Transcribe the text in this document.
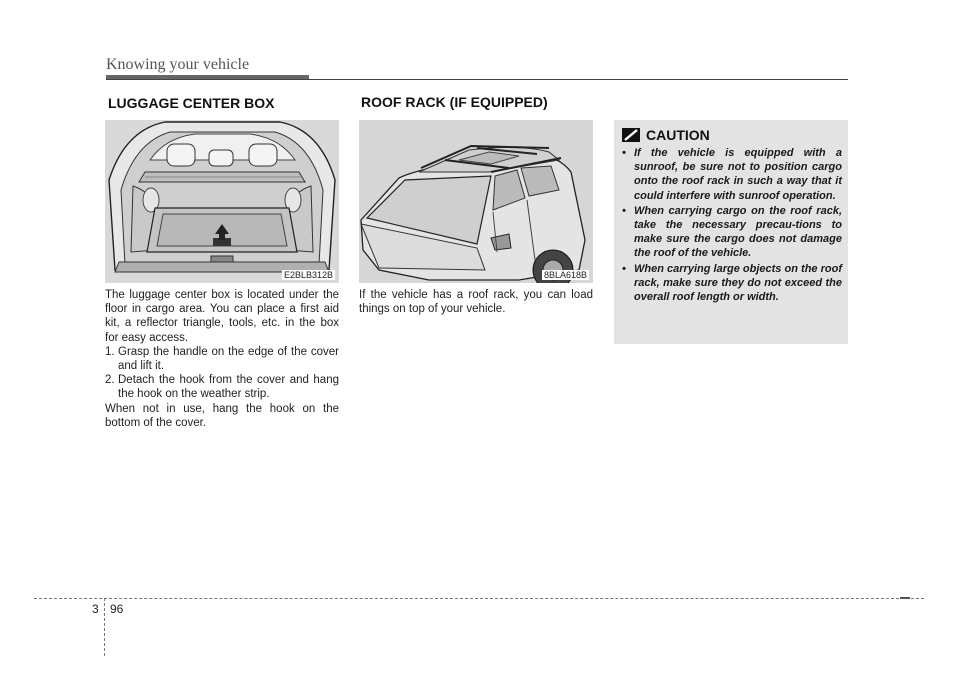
Knowing your vehicle
LUGGAGE CENTER BOX
E2BLB312B

The luggage center box is located under the floor in cargo area. You can place a first aid kit, a reflector triangle, tools, etc. in the box for easy access.

1. Grasp the handle on the edge of the cover and lift it.
2. Detach the hook from the cover and hang the hook on the weather strip.

When not in use, hang the hook on the bottom of the cover.

ROOF RACK (IF EQUIPPED)
8BLA618B
If the vehicle has a roof rack, you can load things on top of your vehicle.
CAUTION
• If the vehicle is equipped with a sunroof, be sure not to position cargo onto the roof rack in such a way that it could interfere with sunroof operation.
• When carrying cargo on the roof rack, take the necessary precau-tions to make sure the cargo does not damage the roof of the vehicle.
• When carrying large objects on the roof rack, make sure they do not exceed the overall roof length or width.
3 96
